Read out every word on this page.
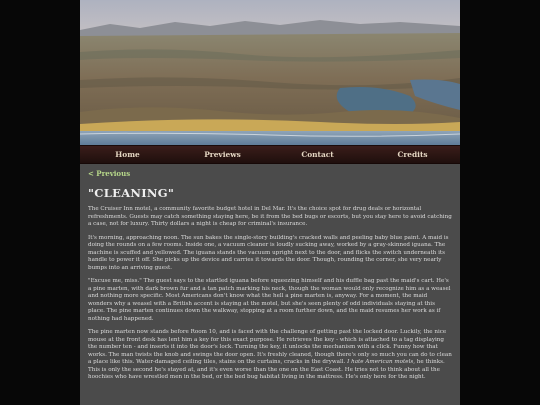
Home	Previews	Contact	Credits
< Previous
"CLEANING"

The Cruiser Inn motel, a community favorite budget hotel in Del Mar. It's the choice spot for drug deals or horizontal refreshments. Guests may catch something staying here, be it from the bed bugs or escorts, but you stay here to avoid catching a case, not for luxury. Thirty dollars a night is cheap for criminal's insurance.

It's morning, approaching noon. The sun bakes the single-story building's cracked walls and peeling baby blue paint. A maid is doing the rounds on a few rooms. Inside one, a vacuum cleaner is loudly sucking away, worked by a gray-skinned iguana. The machine is scuffed and yellowed. The iguana stands the vacuum upright next to the door, and flicks the switch underneath its handle to power it off. She picks up the device and carries it towards the door. Though, rounding the corner, she very nearly bumps into an arriving guest.

"Excuse me, miss." The guest says to the startled iguana before squeezing himself and his duffle bag past the maid's cart. He's a pine marten, with dark brown fur and a tan patch marking his neck, though the woman would only recognize him as a weasel and nothing more specific. Most Americans don't know what the hell a pine marten is, anyway. For a moment, the maid wonders why a weasel with a British accent is staying at the motel, but she's seen plenty of odd individuals staying at this place. The pine marten continues down the walkway, stopping at a room further down, and the maid resumes her work as if nothing had happened.

The pine marten now stands before Room 10, and is faced with the challenge of getting past the locked door. Luckily, the nice mouse at the front desk has lent him a key for this exact purpose. He retrieves the key - which is attached to a tag displaying the number ten - and inserts it into the door's lock. Turning the key, it unlocks the mechanism with a click. Funny how that works. The man twists the knob and swings the door open. It's freshly cleaned, though there's only so much you can do to clean a place like this. Water-damaged ceiling tiles, stains on the curtains, cracks in the drywall. I hate American motels, he thinks. This is only the second he's stayed at, and it's even worse than the one on the East Coast. He tries not to think about all the hoochies who have wrestled men in the bed, or the bed bug habitat living in the mattress. He's only here for the night.
